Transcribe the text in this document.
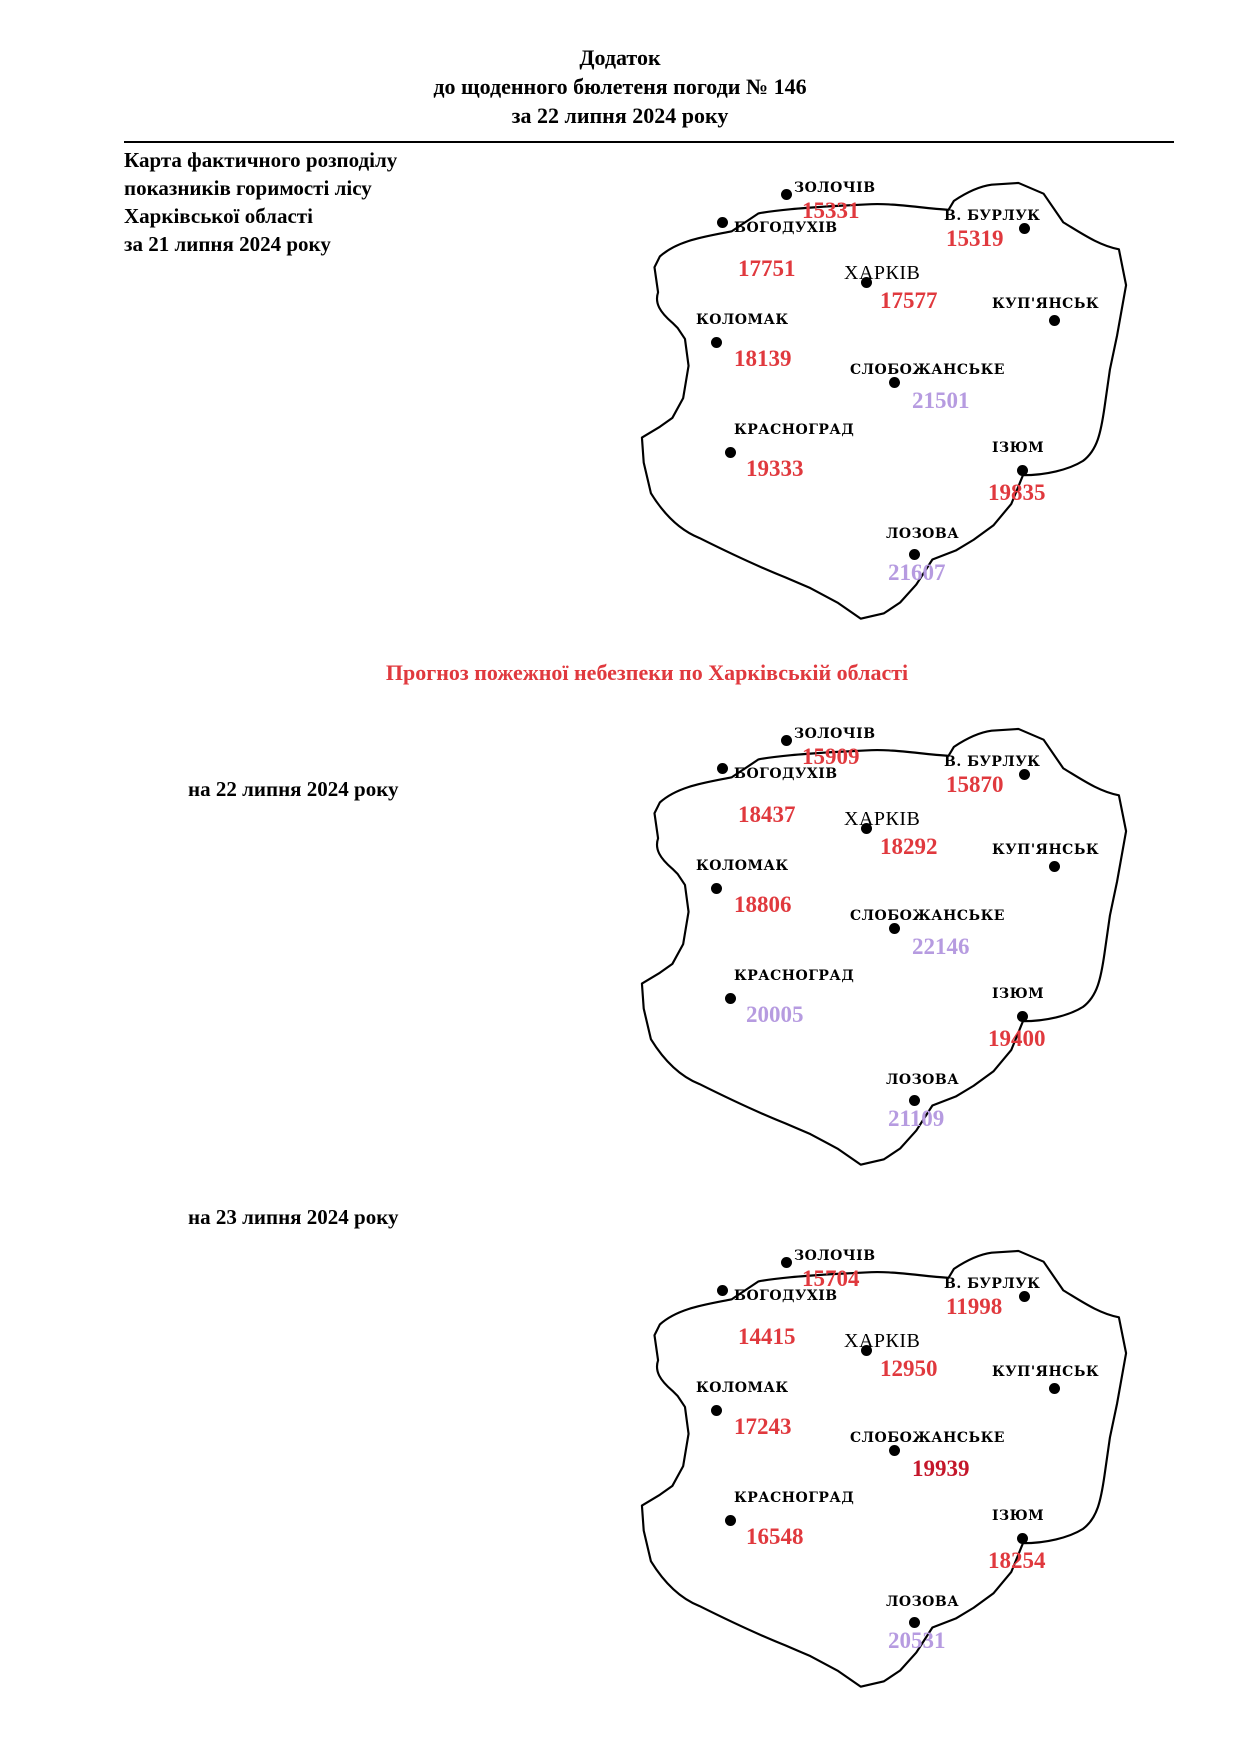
Додаток
до щоденного бюлетеня погоди № 146
за 22 липня 2024 року
Карта фактичного розподілу
показників горимості лісу
Харківської області
за 21 липня 2024 року
Прогноз пожежної небезпеки по Харківській області
на 22 липня 2024 року
на 23 липня 2024 року
ЗОЛОЧІВ
15331
БОГОДУХІВ
17751
В. БУРЛУК
15319
ХАРКІВ
17577	КУП'ЯНСЬК
КОЛОМАК
18139	СЛОБОЖАНСЬКЕ
21501
КРАСНОГРАД
19333
ІЗЮМ
19835
ЛОЗОВА
21607
ЗОЛОЧІВ
15909
БОГОДУХІВ
18437
В. БУРЛУК
15870
ХАРКІВ
18292	КУП'ЯНСЬК
КОЛОМАК
18806	СЛОБОЖАНСЬКЕ
22146
КРАСНОГРАД
20005
ІЗЮМ
19400
ЛОЗОВА
21109
ЗОЛОЧІВ
15704
БОГОДУХІВ
14415
В. БУРЛУК
11998
ХАРКІВ
12950	КУП'ЯНСЬК
КОЛОМАК
17243	СЛОБОЖАНСЬКЕ
19939
КРАСНОГРАД
16548
ІЗЮМ
18254
ЛОЗОВА
20531
